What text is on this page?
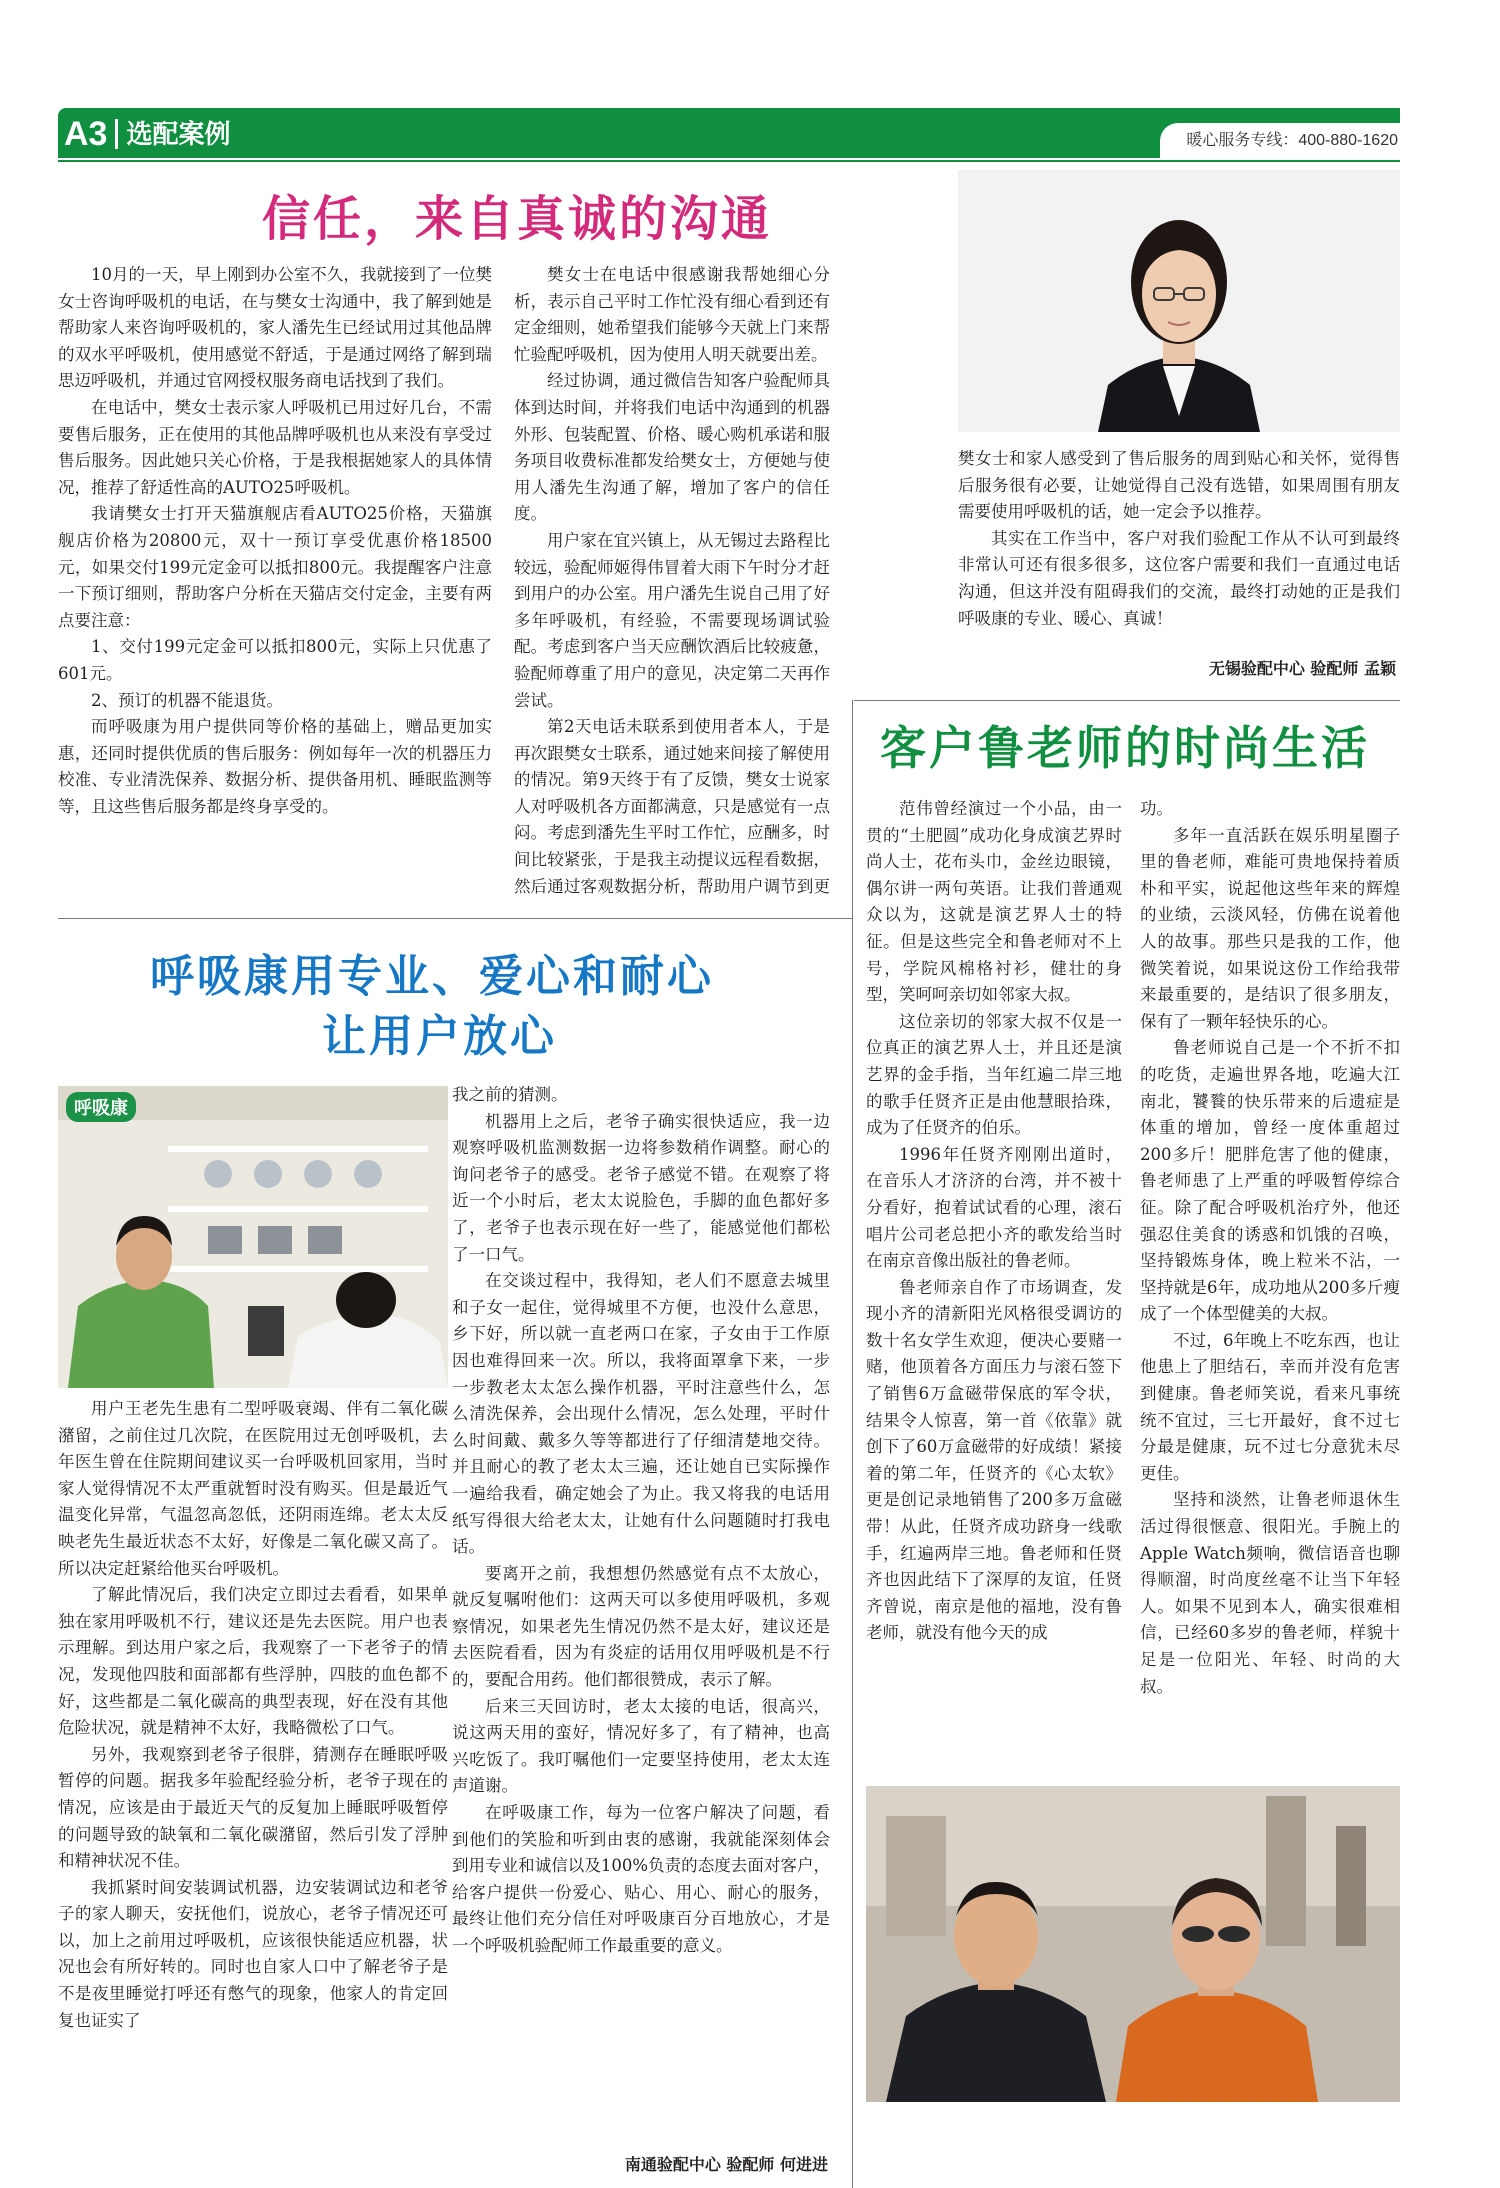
A3 选配案例	暖心服务专线：400-880-1620
信任，来自真诚的沟通

10月的一天，早上刚到办公室不久，我就接到了一位樊女士咨询呼吸机的电话，在与樊女士沟通中，我了解到她是帮助家人来咨询呼吸机的，家人潘先生已经试用过其他品牌的双水平呼吸机，使用感觉不舒适，于是通过网络了解到瑞思迈呼吸机，并通过官网授权服务商电话找到了我们。

在电话中，樊女士表示家人呼吸机已用过好几台，不需要售后服务，正在使用的其他品牌呼吸机也从来没有享受过售后服务。因此她只关心价格，于是我根据她家人的具体情况，推荐了舒适性高的AUTO25呼吸机。

我请樊女士打开天猫旗舰店看AUTO25价格，天猫旗舰店价格为20800元，双十一预订享受优惠价格18500元，如果交付199元定金可以抵扣800元。我提醒客户注意一下预订细则，帮助客户分析在天猫店交付定金，主要有两点要注意：

1、交付199元定金可以抵扣800元，实际上只优惠了601元。

2、预订的机器不能退货。

而呼吸康为用户提供同等价格的基础上，赠品更加实惠，还同时提供优质的售后服务：例如每年一次的机器压力校准、专业清洗保养、数据分析、提供备用机、睡眠监测等等，且这些售后服务都是终身享受的。

樊女士在电话中很感谢我帮她细心分析，表示自己平时工作忙没有细心看到还有定金细则，她希望我们能够今天就上门来帮忙验配呼吸机，因为使用人明天就要出差。

经过协调，通过微信告知客户验配师具体到达时间，并将我们电话中沟通到的机器外形、包装配置、价格、暖心购机承诺和服务项目收费标准都发给樊女士，方便她与使用人潘先生沟通了解，增加了客户的信任度。

用户家在宜兴镇上，从无锡过去路程比较远，验配师姬得伟冒着大雨下午时分才赶到用户的办公室。用户潘先生说自己用了好多年呼吸机，有经验，不需要现场调试验配。考虑到客户当天应酬饮酒后比较疲惫，验配师尊重了用户的意见，决定第二天再作尝试。

第2天电话未联系到使用者本人，于是再次跟樊女士联系，通过她来间接了解使用的情况。第9天终于有了反馈，樊女士说家人对呼吸机各方面都满意，只是感觉有一点闷。考虑到潘先生平时工作忙，应酬多，时间比较紧张，于是我主动提议远程看数据，然后通过客观数据分析，帮助用户调节到更

樊女士和家人感受到了售后服务的周到贴心和关怀，觉得售后服务很有必要，让她觉得自己没有选错，如果周围有朋友需要使用呼吸机的话，她一定会予以推荐。

其实在工作当中，客户对我们验配工作从不认可到最终非常认可还有很多很多，这位客户需要和我们一直通过电话沟通，但这并没有阻碍我们的交流，最终打动她的正是我们呼吸康的专业、暖心、真诚！

无锡验配中心 验配师 孟颖
客户鲁老师的时尚生活

范伟曾经演过一个小品，由一贯的“土肥圆”成功化身成演艺界时尚人士，花布头巾，金丝边眼镜，偶尔讲一两句英语。让我们普通观众以为，这就是演艺界人士的特征。但是这些完全和鲁老师对不上号，学院风棉格衬衫，健壮的身型，笑呵呵亲切如邻家大叔。

这位亲切的邻家大叔不仅是一位真正的演艺界人士，并且还是演艺界的金手指，当年红遍二岸三地的歌手任贤齐正是由他慧眼拾珠，成为了任贤齐的伯乐。

1996年任贤齐刚刚出道时，在音乐人才济济的台湾，并不被十分看好，抱着试试看的心理，滚石唱片公司老总把小齐的歌发给当时在南京音像出版社的鲁老师。

鲁老师亲自作了市场调查，发现小齐的清新阳光风格很受调访的数十名女学生欢迎，便决心要赌一赌，他顶着各方面压力与滚石签下了销售6万盒磁带保底的军令状，结果令人惊喜，第一首《依靠》就创下了60万盒磁带的好成绩！紧接着的第二年，任贤齐的《心太软》更是创记录地销售了200多万盒磁带！从此，任贤齐成功跻身一线歌手，红遍两岸三地。鲁老师和任贤齐也因此结下了深厚的友谊，任贤齐曾说，南京是他的福地，没有鲁老师，就没有他今天的成

功。

多年一直活跃在娱乐明星圈子里的鲁老师，难能可贵地保持着质朴和平实，说起他这些年来的辉煌的业绩，云淡风轻，仿佛在说着他人的故事。那些只是我的工作，他微笑着说，如果说这份工作给我带来最重要的，是结识了很多朋友，保有了一颗年轻快乐的心。

鲁老师说自己是一个不折不扣的吃货，走遍世界各地，吃遍大江南北，饕餮的快乐带来的后遗症是体重的增加，曾经一度体重超过200多斤！肥胖危害了他的健康，鲁老师患了上严重的呼吸暂停综合征。除了配合呼吸机治疗外，他还强忍住美食的诱惑和饥饿的召唤，坚持锻炼身体，晚上粒米不沾，一坚持就是6年，成功地从200多斤瘦成了一个体型健美的大叔。

不过，6年晚上不吃东西，也让他患上了胆结石，幸而并没有危害到健康。鲁老师笑说，看来凡事统统不宜过，三七开最好，食不过七分最是健康，玩不过七分意犹未尽更佳。

坚持和淡然，让鲁老师退休生活过得很惬意、很阳光。手腕上的Apple Watch频响，微信语音也聊得顺溜，时尚度丝毫不让当下年轻人。如果不见到本人，确实很难相信，已经60多岁的鲁老师，样貌十足是一位阳光、年轻、时尚的大叔。

呼吸康用专业、爱心和耐心
让用户放心
呼吸康

用户王老先生患有二型呼吸衰竭、伴有二氧化碳潴留，之前住过几次院，在医院用过无创呼吸机，去年医生曾在住院期间建议买一台呼吸机回家用，当时家人觉得情况不太严重就暂时没有购买。但是最近气温变化异常，气温忽高忽低，还阴雨连绵。老太太反映老先生最近状态不太好，好像是二氧化碳又高了。所以决定赶紧给他买台呼吸机。

了解此情况后，我们决定立即过去看看，如果单独在家用呼吸机不行，建议还是先去医院。用户也表示理解。到达用户家之后，我观察了一下老爷子的情况，发现他四肢和面部都有些浮肿，四肢的血色都不好，这些都是二氧化碳高的典型表现，好在没有其他危险状况，就是精神不太好，我略微松了口气。

另外，我观察到老爷子很胖，猜测存在睡眠呼吸暂停的问题。据我多年验配经验分析，老爷子现在的情况，应该是由于最近天气的反复加上睡眠呼吸暂停的问题导致的缺氧和二氧化碳潴留，然后引发了浮肿和精神状况不佳。

我抓紧时间安装调试机器，边安装调试边和老爷子的家人聊天，安抚他们，说放心，老爷子情况还可以，加上之前用过呼吸机，应该很快能适应机器，状况也会有所好转的。同时也自家人口中了解老爷子是不是夜里睡觉打呼还有憋气的现象，他家人的肯定回复也证实了

我之前的猜测。

机器用上之后，老爷子确实很快适应，我一边观察呼吸机监测数据一边将参数稍作调整。耐心的询问老爷子的感受。老爷子感觉不错。在观察了将近一个小时后，老太太说脸色，手脚的血色都好多了，老爷子也表示现在好一些了，能感觉他们都松了一口气。

在交谈过程中，我得知，老人们不愿意去城里和子女一起住，觉得城里不方便，也没什么意思，乡下好，所以就一直老两口在家，子女由于工作原因也难得回来一次。所以，我将面罩拿下来，一步一步教老太太怎么操作机器，平时注意些什么，怎么清洗保养，会出现什么情况，怎么处理，平时什么时间戴、戴多久等等都进行了仔细清楚地交待。并且耐心的教了老太太三遍，还让她自已实际操作一遍给我看，确定她会了为止。我又将我的电话用纸写得很大给老太太，让她有什么问题随时打我电话。

要离开之前，我想想仍然感觉有点不太放心，就反复嘱咐他们：这两天可以多使用呼吸机，多观察情况，如果老先生情况仍然不是太好，建议还是去医院看看，因为有炎症的话用仅用呼吸机是不行的，要配合用药。他们都很赞成，表示了解。

后来三天回访时，老太太接的电话，很高兴，说这两天用的蛮好，情况好多了，有了精神，也高兴吃饭了。我叮嘱他们一定要坚持使用，老太太连声道谢。

在呼吸康工作，每为一位客户解决了问题，看到他们的笑脸和听到由衷的感谢，我就能深刻体会到用专业和诚信以及100%负责的态度去面对客户，给客户提供一份爱心、贴心、用心、耐心的服务，最终让他们充分信任对呼吸康百分百地放心，才是一个呼吸机验配师工作最重要的意义。

南通验配中心 验配师 何进进
